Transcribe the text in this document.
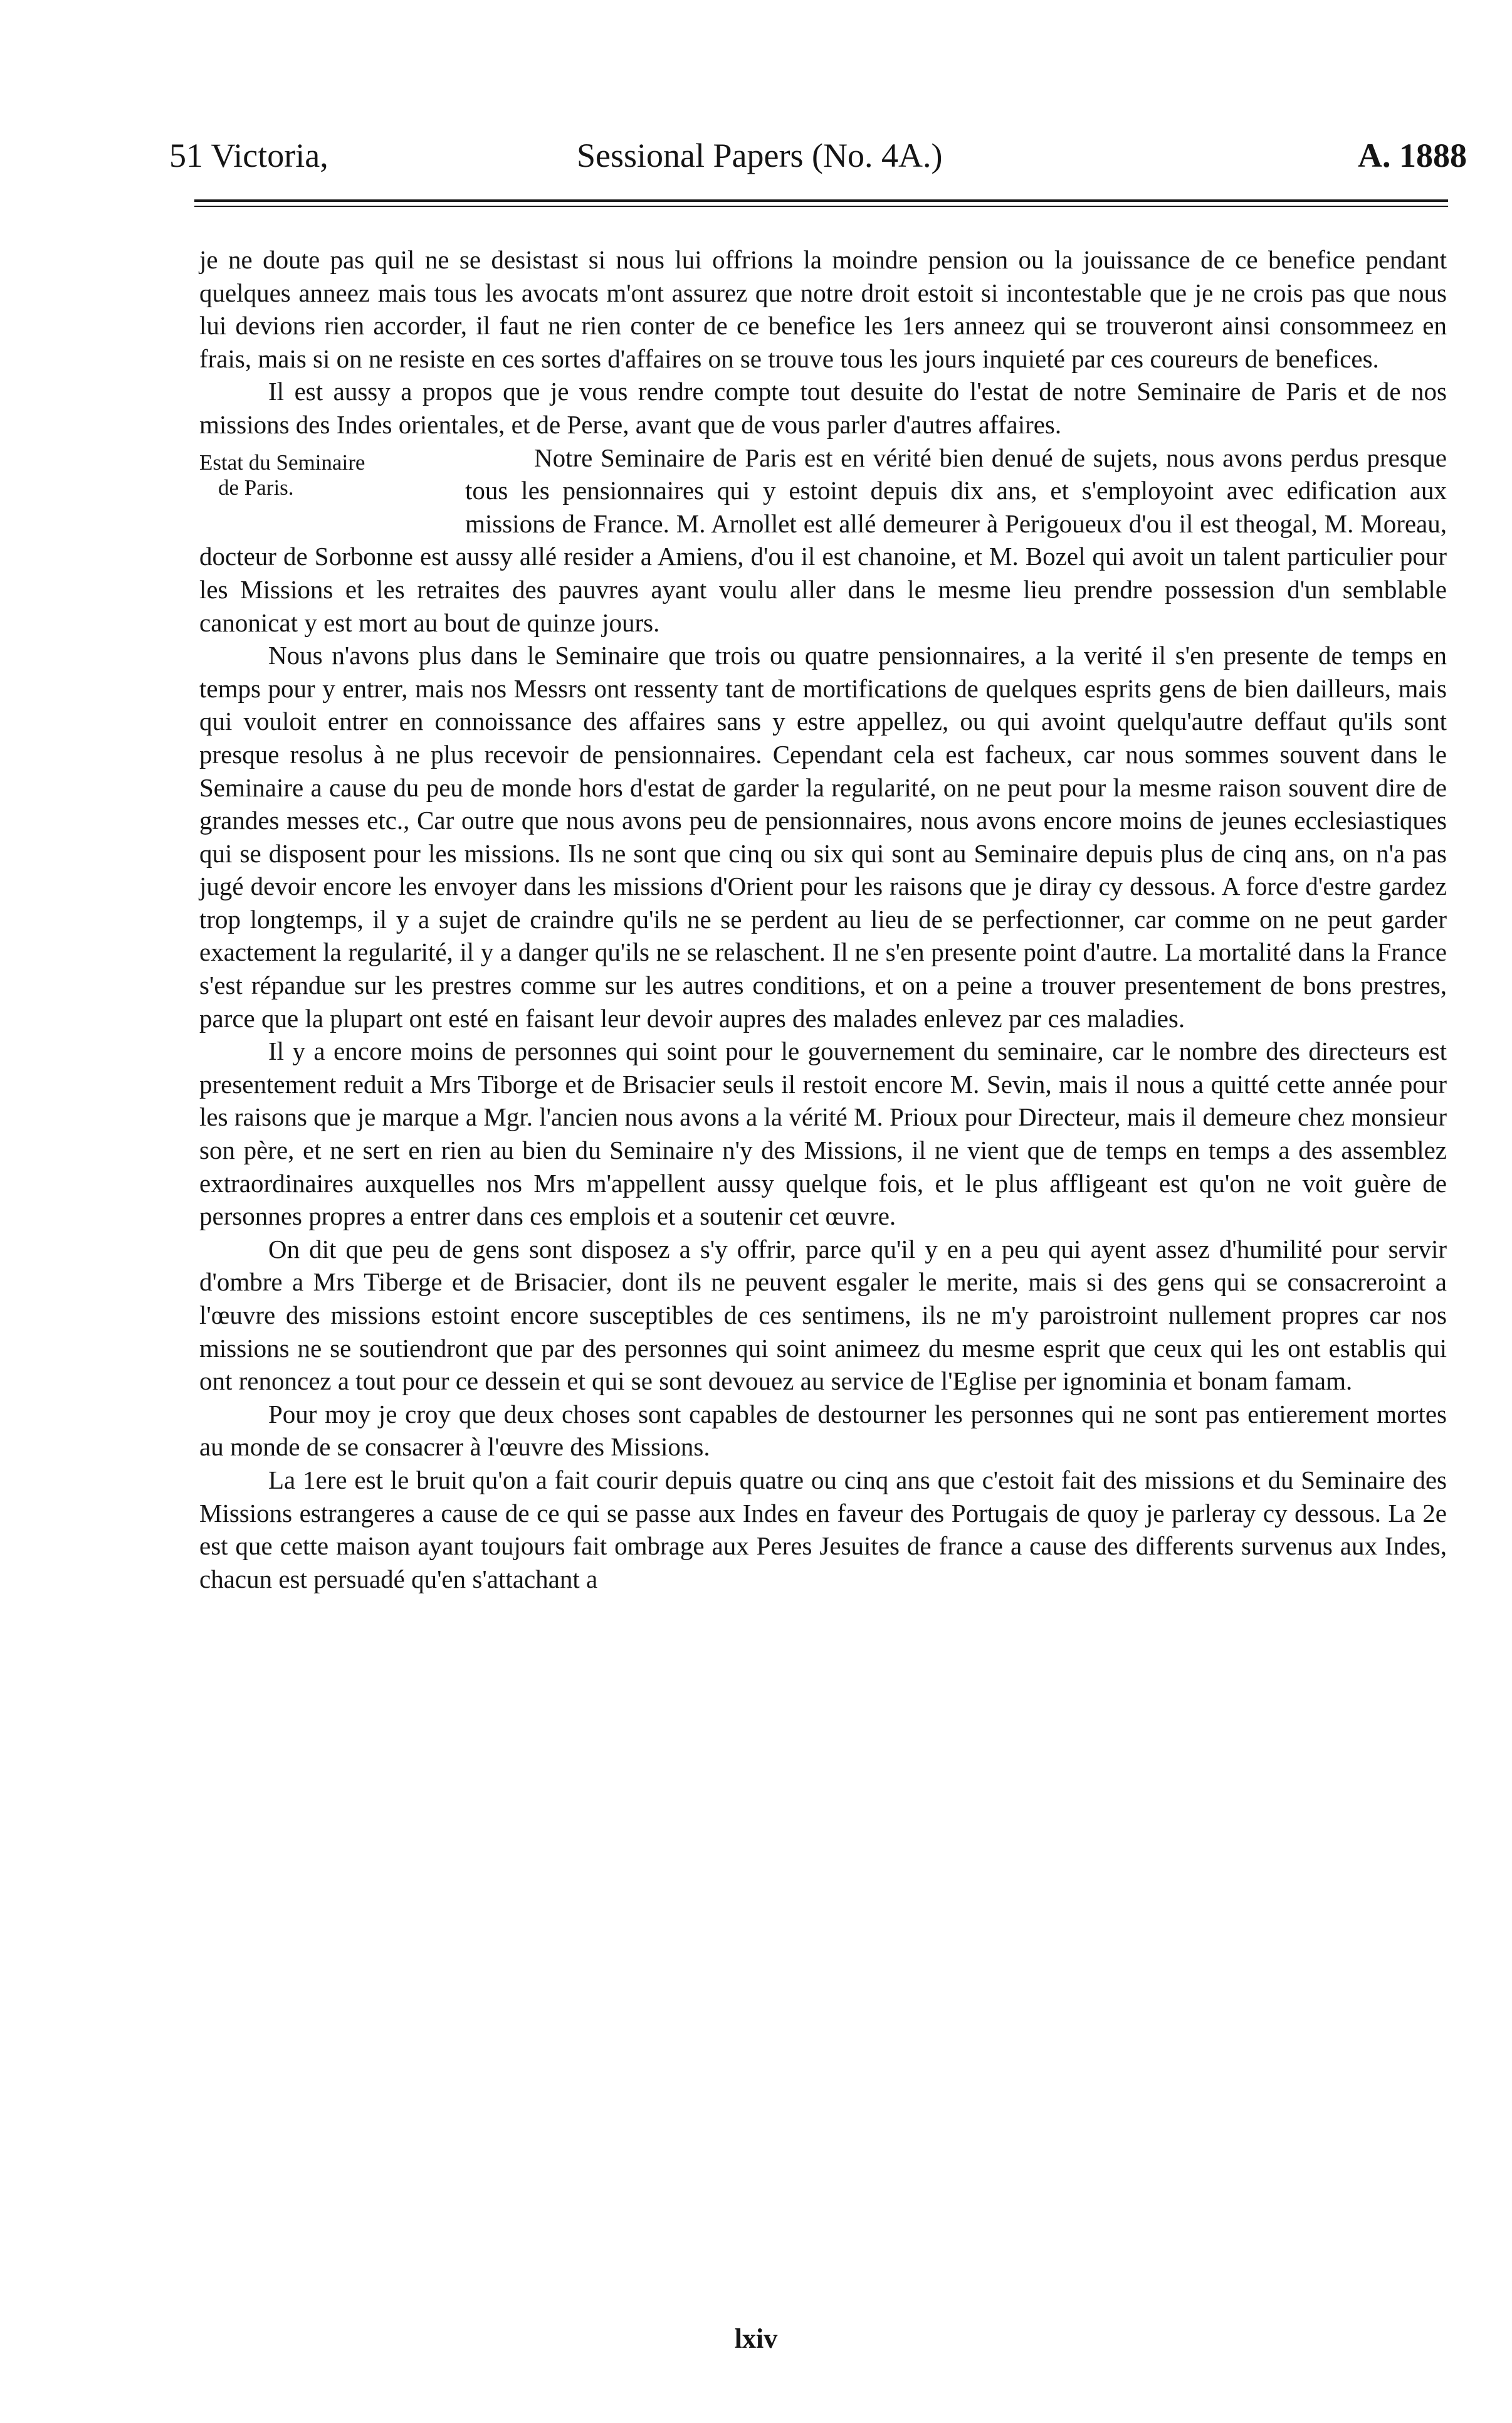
51 Victoria,	Sessional Papers (No. 4A.)	A. 1888

je ne doute pas quil ne se desistast si nous lui offrions la moindre pension ou la jouissance de ce benefice pendant quelques anneez mais tous les avocats m'ont assurez que notre droit estoit si incontestable que je ne crois pas que nous lui devions rien accorder, il faut ne rien conter de ce benefice les 1ers anneez qui se trouveront ainsi consommeez en frais, mais si on ne resiste en ces sortes d'affaires on se trouve tous les jours inquieté par ces coureurs de benefices.

Il est aussy a propos que je vous rendre compte tout desuite do l'estat de notre Seminaire de Paris et de nos missions des Indes orientales, et de Perse, avant que de vous parler d'autres affaires.

Estat du Seminaire
de Paris.

Notre Seminaire de Paris est en vérité bien denué de sujets, nous avons perdus presque tous les pensionnaires qui y estoint depuis dix ans, et s'employoint avec edification aux missions de France. M. Arnollet est allé demeurer à Perigoueux d'ou il est theogal, M. Moreau, docteur de Sorbonne est aussy allé resider a Amiens, d'ou il est chanoine, et M. Bozel qui avoit un talent particulier pour les Missions et les retraites des pauvres ayant voulu aller dans le mesme lieu prendre possession d'un semblable canonicat y est mort au bout de quinze jours.

Nous n'avons plus dans le Seminaire que trois ou quatre pensionnaires, a la verité il s'en presente de temps en temps pour y entrer, mais nos Messrs ont ressenty tant de mortifications de quelques esprits gens de bien dailleurs, mais qui vouloit entrer en connoissance des affaires sans y estre appellez, ou qui avoint quelqu'autre deffaut qu'ils sont presque resolus à ne plus recevoir de pensionnaires. Cependant cela est facheux, car nous sommes souvent dans le Seminaire a cause du peu de monde hors d'estat de garder la regularité, on ne peut pour la mesme raison souvent dire de grandes messes etc., Car outre que nous avons peu de pensionnaires, nous avons encore moins de jeunes ecclesiastiques qui se disposent pour les missions. Ils ne sont que cinq ou six qui sont au Seminaire depuis plus de cinq ans, on n'a pas jugé devoir encore les envoyer dans les missions d'Orient pour les raisons que je diray cy dessous. A force d'estre gardez trop longtemps, il y a sujet de craindre qu'ils ne se perdent au lieu de se perfectionner, car comme on ne peut garder exactement la regularité, il y a danger qu'ils ne se relaschent. Il ne s'en presente point d'autre. La mortalité dans la France s'est répandue sur les prestres comme sur les autres conditions, et on a peine a trouver presentement de bons prestres, parce que la plupart ont esté en faisant leur devoir aupres des malades enlevez par ces maladies.

Il y a encore moins de personnes qui soint pour le gouvernement du seminaire, car le nombre des directeurs est presentement reduit a Mrs Tiborge et de Brisacier seuls il restoit encore M. Sevin, mais il nous a quitté cette année pour les raisons que je marque a Mgr. l'ancien nous avons a la vérité M. Prioux pour Directeur, mais il demeure chez monsieur son père, et ne sert en rien au bien du Seminaire n'y des Missions, il ne vient que de temps en temps a des assemblez extraordinaires auxquelles nos Mrs m'appellent aussy quelque fois, et le plus affligeant est qu'on ne voit guère de personnes propres a entrer dans ces emplois et a soutenir cet œuvre.

On dit que peu de gens sont disposez a s'y offrir, parce qu'il y en a peu qui ayent assez d'humilité pour servir d'ombre a Mrs Tiberge et de Brisacier, dont ils ne peuvent esgaler le merite, mais si des gens qui se consacreroint a l'œuvre des missions estoint encore susceptibles de ces sentimens, ils ne m'y paroistroint nullement propres car nos missions ne se soutiendront que par des personnes qui soint animeez du mesme esprit que ceux qui les ont establis qui ont renoncez a tout pour ce dessein et qui se sont devouez au service de l'Eglise per ignominia et bonam famam.

Pour moy je croy que deux choses sont capables de destourner les personnes qui ne sont pas entierement mortes au monde de se consacrer à l'œuvre des Missions.

La 1ere est le bruit qu'on a fait courir depuis quatre ou cinq ans que c'estoit fait des missions et du Seminaire des Missions estrangeres a cause de ce qui se passe aux Indes en faveur des Portugais de quoy je parleray cy dessous. La 2e est que cette maison ayant toujours fait ombrage aux Peres Jesuites de france a cause des differents survenus aux Indes, chacun est persuadé qu'en s'attachant a

lxiv
